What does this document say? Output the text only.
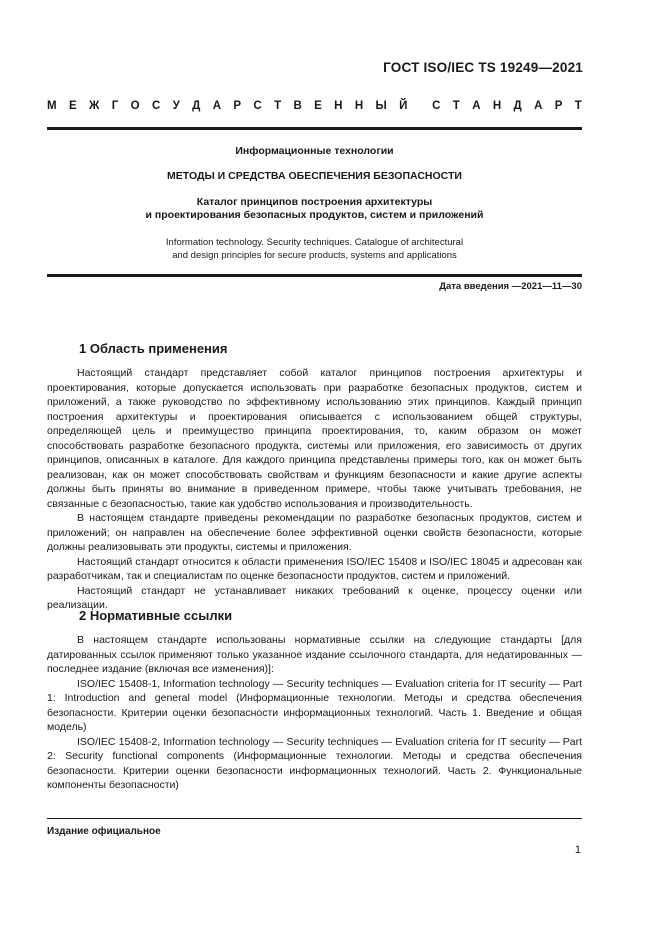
ГОСТ ISO/IEC TS 19249—2021
М Е Ж Г О С У Д А Р С Т В Е Н Н Ы Й С Т А Н Д А Р Т
Информационные технологии
МЕТОДЫ И СРЕДСТВА ОБЕСПЕЧЕНИЯ БЕЗОПАСНОСТИ
Каталог принципов построения архитектуры
и проектирования безопасных продуктов, систем и приложений
Information technology. Security techniques. Catalogue of architectural
and design principles for secure products, systems and applications
Дата введения —2021—11—30
1 Область применения

Настоящий стандарт представляет собой каталог принципов построения архитектуры и проектирования, которые допускается использовать при разработке безопасных продуктов, систем и приложений, а также руководство по эффективному использованию этих принципов. Каждый принцип построения архитектуры и проектирования описывается с использованием общей структуры, определяющей цель и преимущество принципа проектирования, то, каким образом он может способствовать разработке безопасного продукта, системы или приложения, его зависимость от других принципов, описанных в каталоге. Для каждого принципа представлены примеры того, как он может быть реализован, как он может способствовать свойствам и функциям безопасности и какие другие аспекты должны быть приняты во внимание в приведенном примере, чтобы также учитывать требования, не связанные с безопасностью, такие как удобство использования и производительность.

В настоящем стандарте приведены рекомендации по разработке безопасных продуктов, систем и приложений; он направлен на обеспечение более эффективной оценки свойств безопасности, которые должны реализовывать эти продукты, системы и приложения.

Настоящий стандарт относится к области применения ISO/IEC 15408 и ISO/IEC 18045 и адресован как разработчикам, так и специалистам по оценке безопасности продуктов, систем и приложений.

Настоящий стандарт не устанавливает никаких требований к оценке, процессу оценки или реализации.

2 Нормативные ссылки

В настоящем стандарте использованы нормативные ссылки на следующие стандарты [для датированных ссылок применяют только указанное издание ссылочного стандарта, для недатированных — последнее издание (включая все изменения)]:

ISO/IEC 15408-1, Information technology — Security techniques — Evaluation criteria for IT security — Part 1: Introduction and general model (Информационные технологии. Методы и средства обеспечения безопасности. Критерии оценки безопасности информационных технологий. Часть 1. Введение и общая модель)

ISO/IEC 15408-2, Information technology — Security techniques — Evaluation criteria for IT security — Part 2: Security functional components (Информационные технологии. Методы и средства обеспечения безопасности. Критерии оценки безопасности информационных технологий. Часть 2. Функциональные компоненты безопасности)

Издание официальное
1
